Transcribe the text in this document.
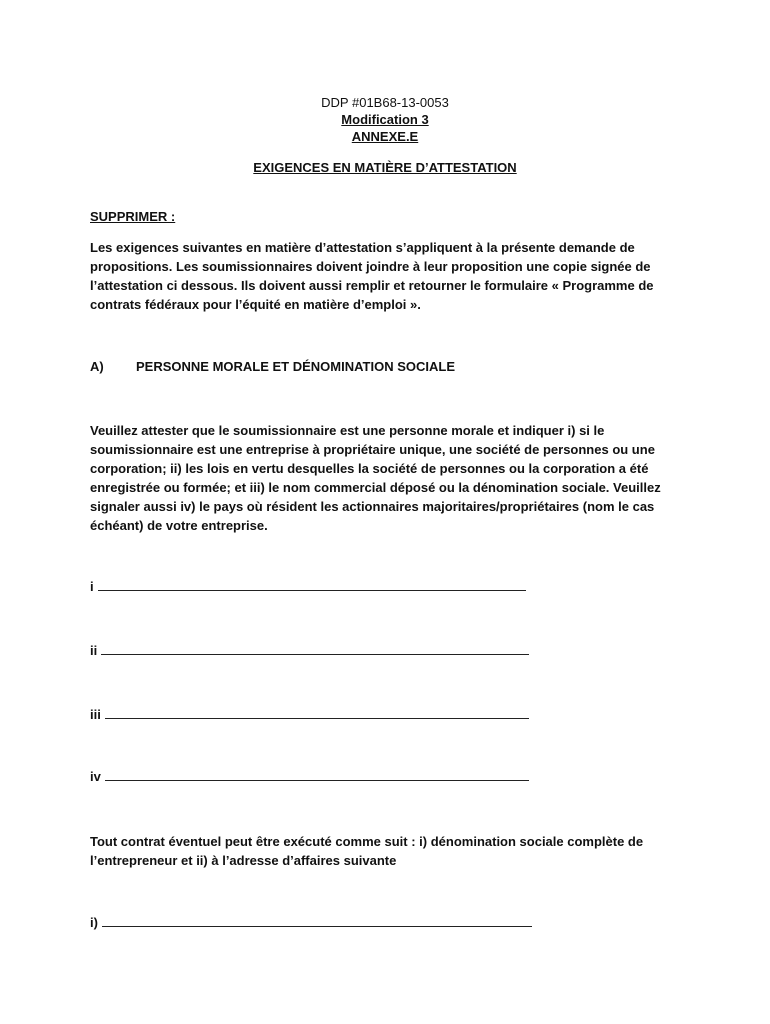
DDP #01B68-13-0053
Modification 3
ANNEXE.E
EXIGENCES EN MATIÈRE D’ATTESTATION
SUPPRIMER :
Les exigences suivantes en matière d’attestation s’appliquent à la présente demande de propositions. Les soumissionnaires doivent joindre à leur proposition une copie signée de l’attestation ci dessous. Ils doivent aussi remplir et retourner le formulaire « Programme de contrats fédéraux pour l’équité en matière d’emploi ».
A) PERSONNE MORALE ET DÉNOMINATION SOCIALE
Veuillez attester que le soumissionnaire est une personne morale et indiquer i) si le soumissionnaire est une entreprise à propriétaire unique, une société de personnes ou une corporation; ii) les lois en vertu desquelles la société de personnes ou la corporation a été enregistrée ou formée; et iii) le nom commercial déposé ou la dénomination sociale. Veuillez signaler aussi iv) le pays où résident les actionnaires majoritaires/propriétaires (nom le cas échéant) de votre entreprise.
i
ii
iii
iv
Tout contrat éventuel peut être exécuté comme suit : i) dénomination sociale complète de l’entrepreneur et ii) à l’adresse d’affaires suivante
i)
